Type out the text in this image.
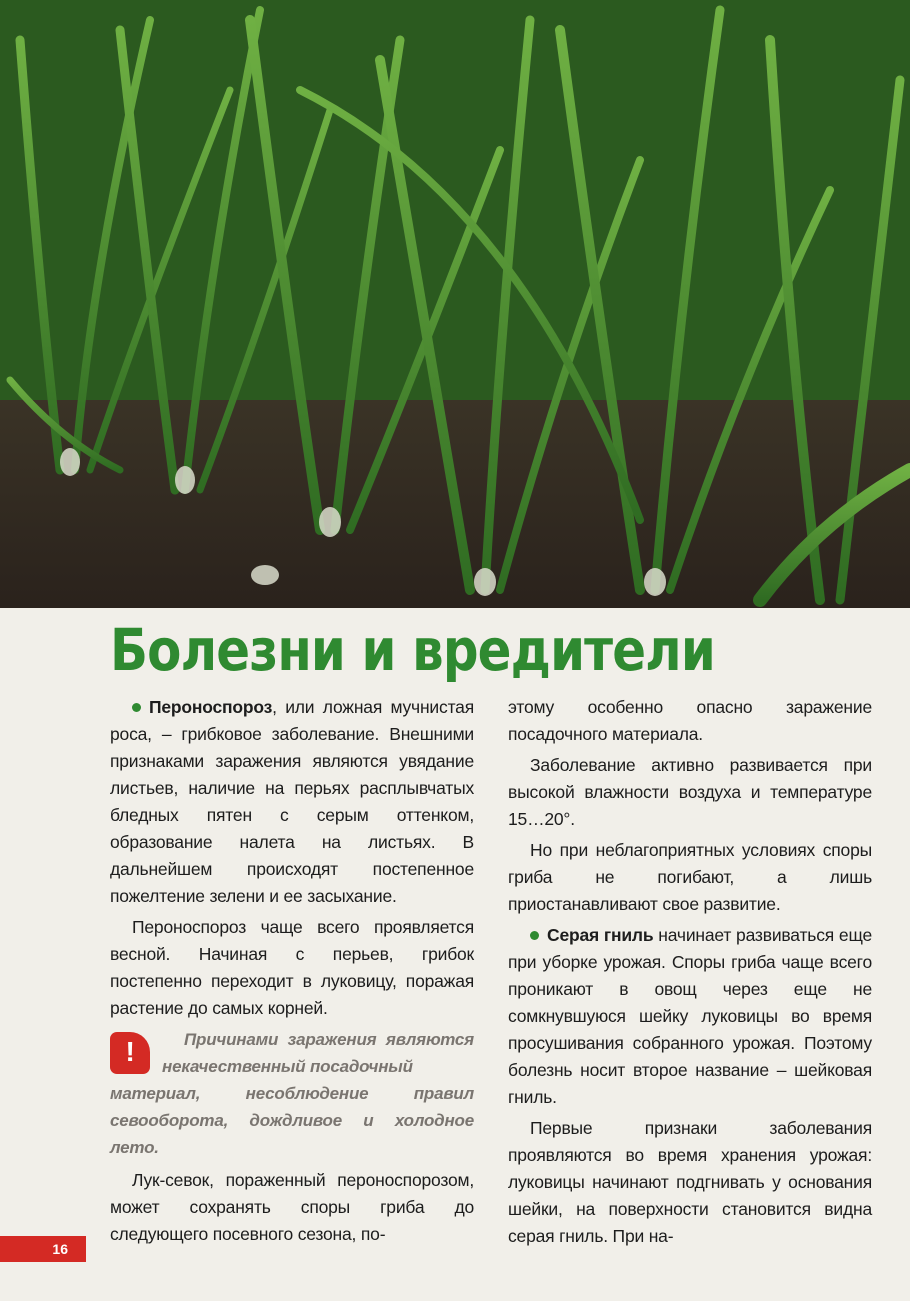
Болезни и вредители

Пероноспороз, или ложная мучнистая роса, – грибковое заболевание. Внешними признаками заражения являются увядание листьев, наличие на перьях расплывчатых бледных пятен с серым оттенком, образование налета на листьях. В дальнейшем происходят постепенное пожелтение зелени и ее засыхание.

Пероноспороз чаще всего проявляется весной. Начиная с перьев, грибок постепенно переходит в луковицу, поражая растение до самых корней.

!	Причинами заражения являются некачественный посадочный
материал, несоблюдение правил севооборота, дождливое и холодное лето.

Лук-севок, пораженный пероноспорозом, может сохранять споры гриба до следующего посевного сезона, по-

этому особенно опасно заражение посадочного материала.

Заболевание активно развивается при высокой влажности воздуха и температуре 15…20°.

Но при неблагоприятных условиях споры гриба не погибают, а лишь приостанавливают свое развитие.

Серая гниль начинает развиваться еще при уборке урожая. Споры гриба чаще всего проникают в овощ через еще не сомкнувшуюся шейку луковицы во время просушивания собранного урожая. Поэтому болезнь носит второе название – шейковая гниль.

Первые признаки заболевания проявляются во время хранения урожая: луковицы начинают подгнивать у основания шейки, на поверхности становится видна серая гниль. При на-

16
